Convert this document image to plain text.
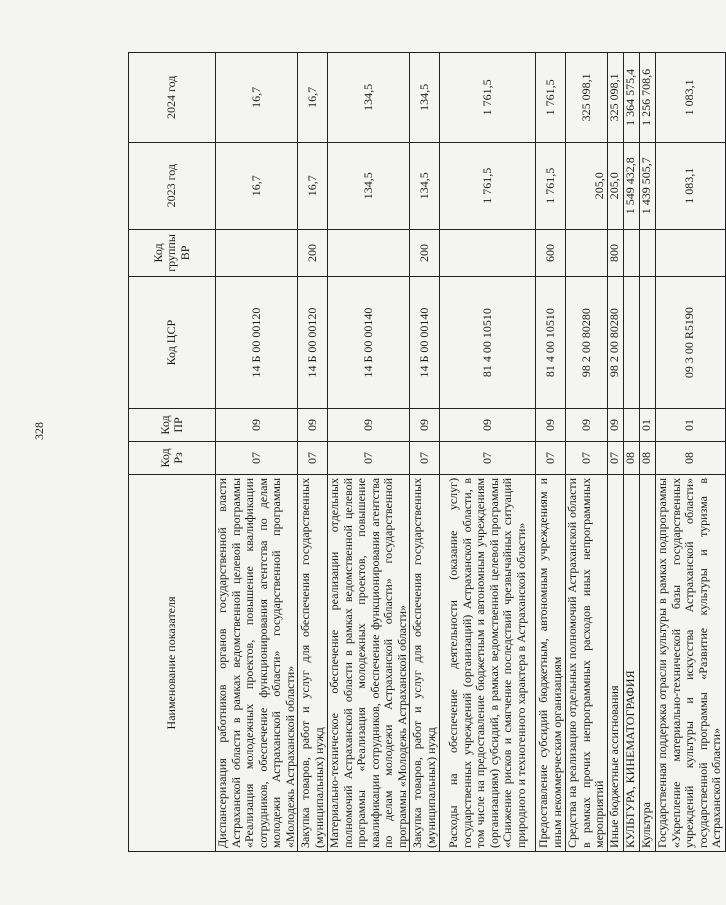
328
Наименование показателя	Код Рз	Код ПР	Код ЦСР	Код группы ВР	2023 год	2024 год
Диспансеризация работников органов государственной власти Астраханской области в рамках ведомственной целевой программы «Реализация молодежных проектов, повышение квалификации сотрудников, обеспечение функционирования агентства по делам молодежи Астраханской области» государственной программы «Молодежь Астраханской области»	07	09	14 Б 00 00120		16,7	16,7
Закупка товаров, работ и услуг для обеспечения государственных (муниципальных) нужд	07	09	14 Б 00 00120	200	16,7	16,7
Материально-техническое обеспечение реализации отдельных полномочий Астраханской области в рамках ведомственной целевой программы «Реализация молодежных проектов, повышение квалификации сотрудников, обеспечение функционирования агентства по делам молодежи Астраханской области» государственной программы «Молодежь Астраханской области»	07	09	14 Б 00 00140		134,5	134,5
Закупка товаров, работ и услуг для обеспечения государственных (муниципальных) нужд	07	09	14 Б 00 00140	200	134,5	134,5
Расходы на обеспечение деятельности (оказание услуг) государственных учреждений (организаций) Астраханской области, в том числе на предоставление бюджетным и автономным учреждениям (организациям) субсидий, в рамках ведомственной целевой программы «Снижение рисков и смягчение последствий чрезвычайных ситуаций природного и техногенного характера в Астраханской области»	07	09	81 4 00 10510		1 761,5	1 761,5
Предоставление субсидий бюджетным, автономным учреждениям и иным некоммерческим организациям	07	09	81 4 00 10510	600	1 761,5	1 761,5
Средства на реализацию отдельных полномочий Астраханской области в рамках прочих непрограммных расходов иных непрограммных мероприятий	07	09	98 2 00 80280		205,0	325 098,1
Иные бюджетные ассигнования	07	09	98 2 00 80280	800	205,0	325 098,1
КУЛЬТУРА, КИНЕМАТОГРАФИЯ	08				1 549 432,8	1 364 575,4
Культура	08	01			1 439 505,7	1 256 708,6
Государственная поддержка отрасли культуры в рамках подпрограммы «Укрепление материально-технической базы государственных учреждений культуры и искусства Астраханской области» государственной программы «Развитие культуры и туризма в Астраханской области»	08	01	09 3 00 R5190		1 083,1	1 083,1
